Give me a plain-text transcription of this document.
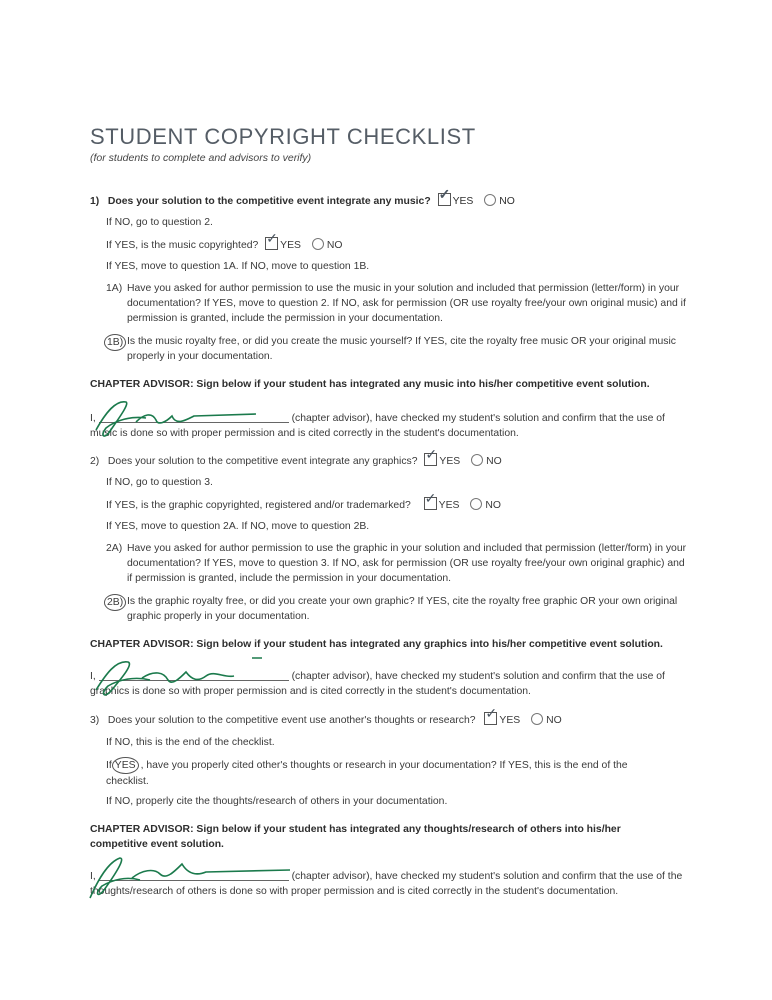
STUDENT COPYRIGHT CHECKLIST
(for students to complete and advisors to verify)
1) Does your solution to the competitive event integrate any music? ✓ YES NO
If NO, go to question 2.
If YES, is the music copyrighted? ✓ YES NO
If YES, move to question 1A. If NO, move to question 1B.
1A) Have you asked for author permission to use the music in your solution and included that permission (letter/form) in your documentation? If YES, move to question 2. If NO, ask for permission (OR use royalty free/your own original music) and if permission is granted, include the permission in your documentation.
1B) Is the music royalty free, or did you create the music yourself? If YES, cite the royalty free music OR your original music properly in your documentation.
CHAPTER ADVISOR: Sign below if your student has integrated any music into his/her competitive event solution.
I,	(chapter advisor), have checked my student's solution and confirm that the use of music is done so with proper permission and is cited correctly in the student's documentation.
2) Does your solution to the competitive event integrate any graphics? ✓ YES NO
If NO, go to question 3.
If YES, is the graphic copyrighted, registered and/or trademarked? ✓ YES NO
If YES, move to question 2A. If NO, move to question 2B.
2A) Have you asked for author permission to use the graphic in your solution and included that permission (letter/form) in your documentation? If YES, move to question 3. If NO, ask for permission (OR use royalty free/your own original graphic) and if permission is granted, include the permission in your documentation.
2B) Is the graphic royalty free, or did you create your own graphic? If YES, cite the royalty free graphic OR your own original graphic properly in your documentation.
CHAPTER ADVISOR: Sign below if your student has integrated any graphics into his/her competitive event solution.
I,	(chapter advisor), have checked my student's solution and confirm that the use of graphics is done so with proper permission and is cited correctly in the student's documentation.
3) Does your solution to the competitive event use another's thoughts or research? ✓ YES NO
If NO, this is the end of the checklist.
If YES , have you properly cited other's thoughts or research in your documentation? If YES, this is the end of the checklist.
If NO, properly cite the thoughts/research of others in your documentation.
CHAPTER ADVISOR: Sign below if your student has integrated any thoughts/research of others into his/her competitive event solution.
I,	(chapter advisor), have checked my student's solution and confirm that the use of the thoughts/research of others is done so with proper permission and is cited correctly in the student's documentation.
